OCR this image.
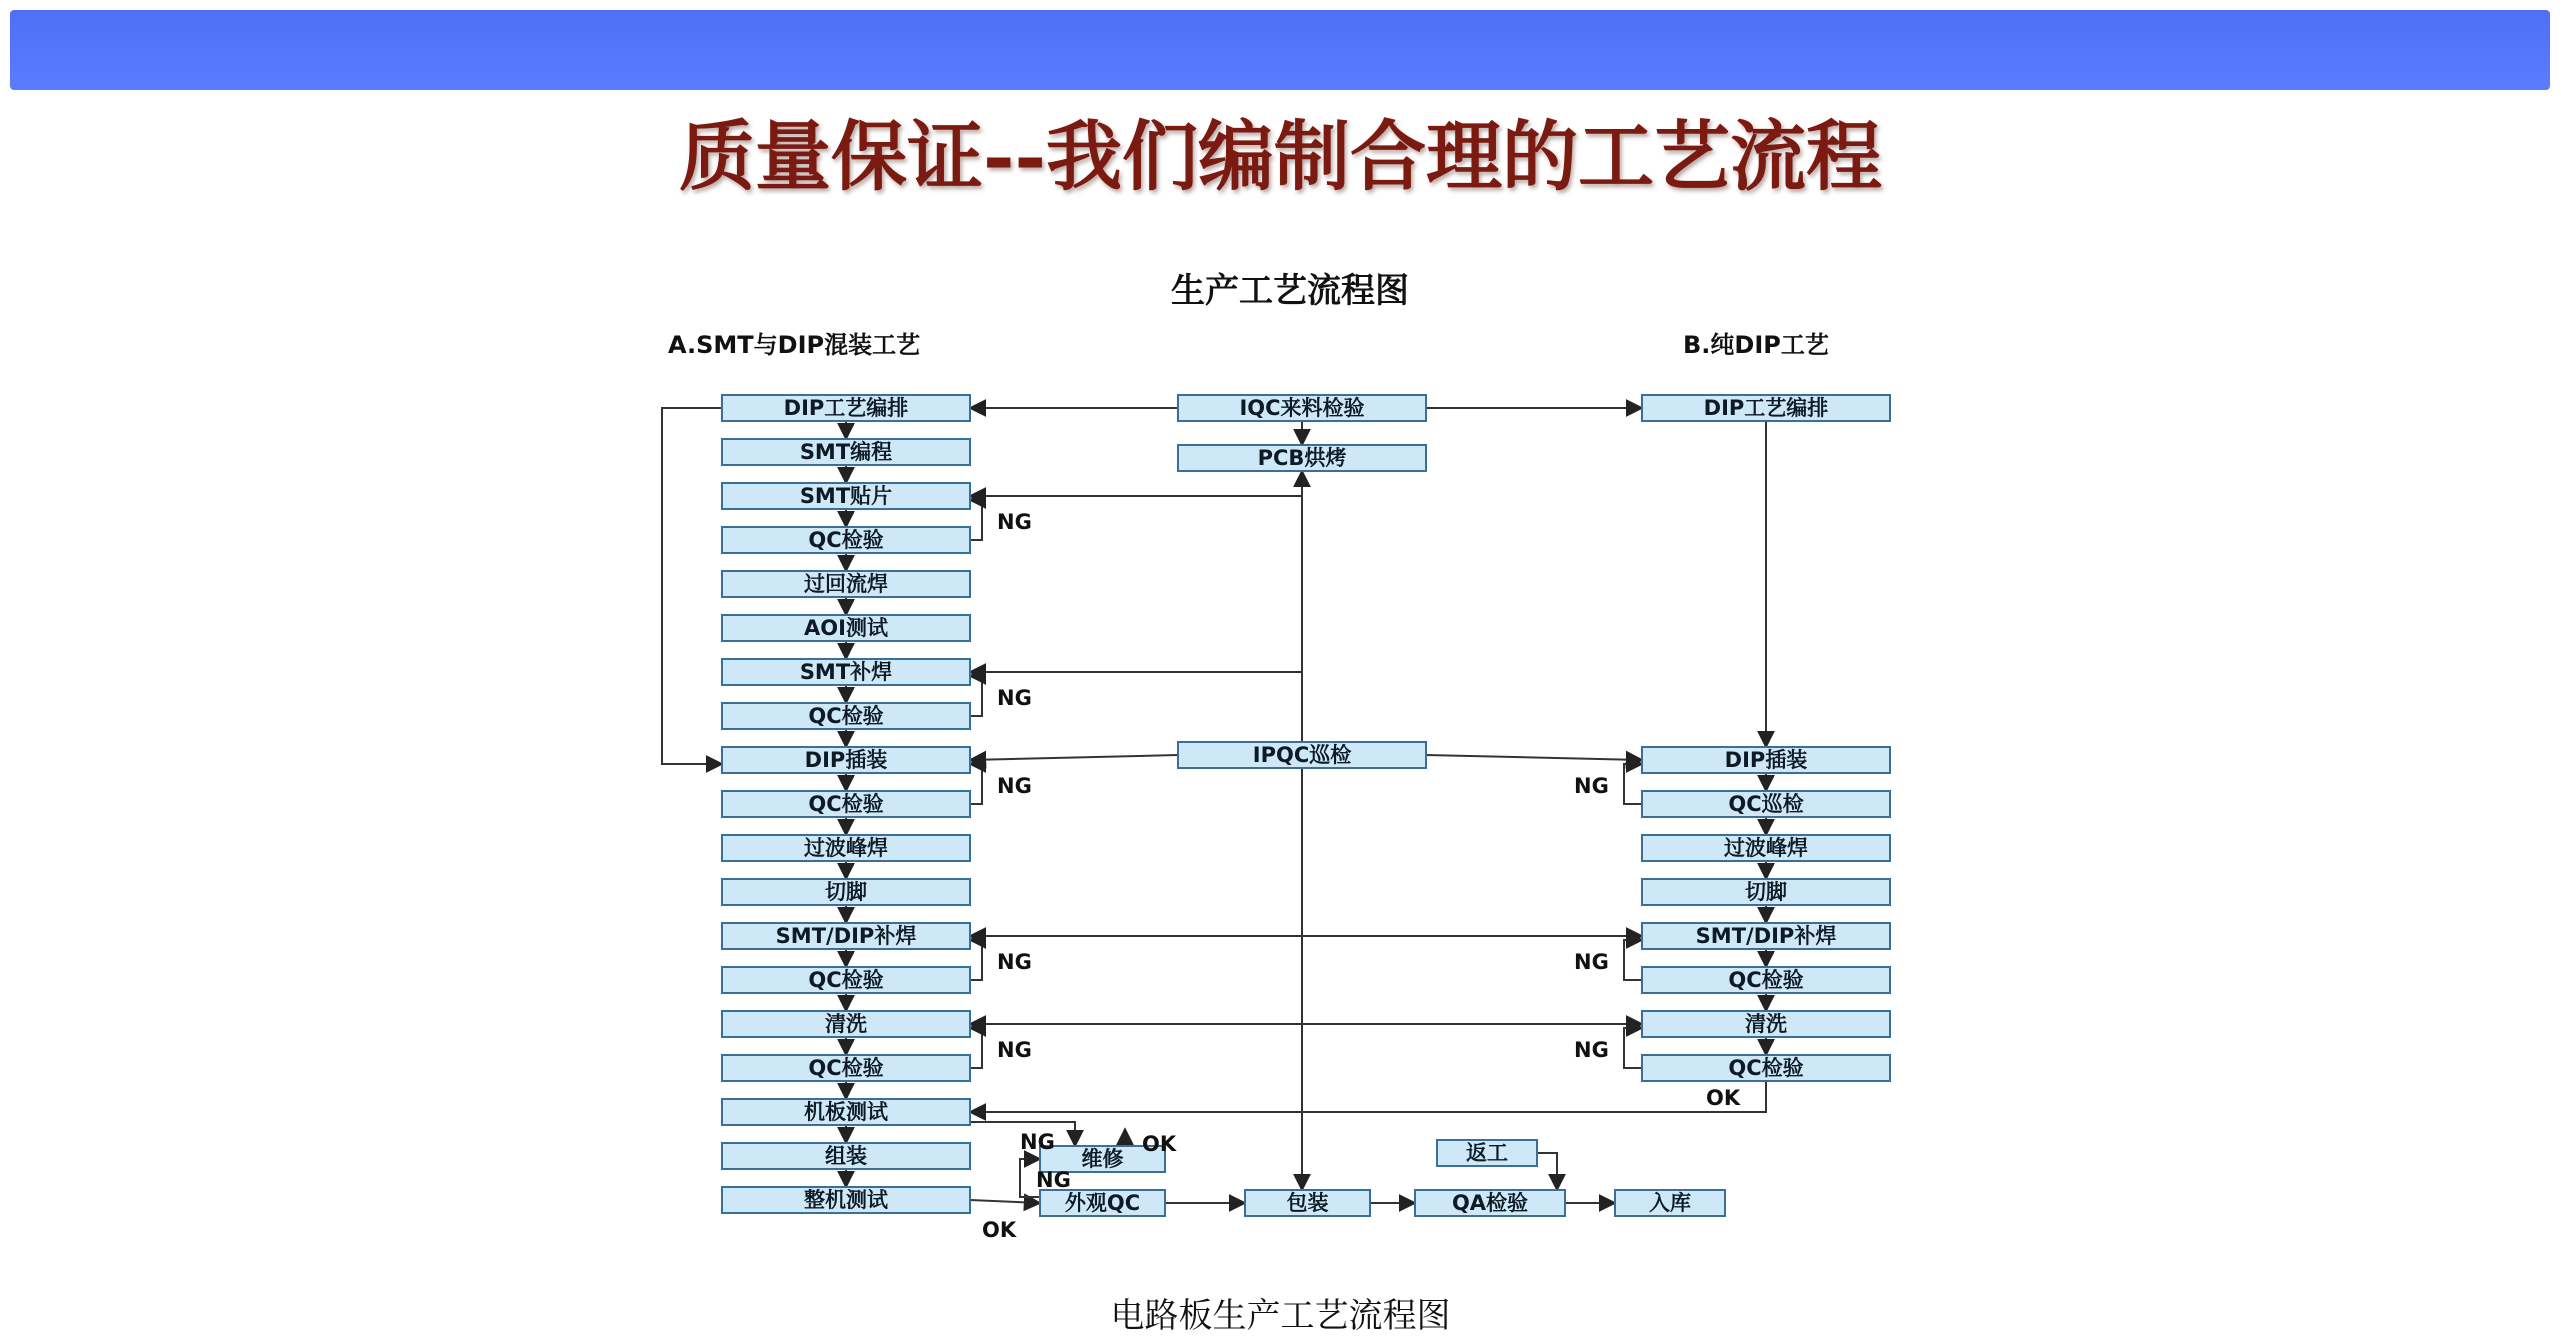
质量保证--我们编制合理的工艺流程
生产工艺流程图
A.SMT与DIP混装工艺	B.纯DIP工艺
DIP工艺编排
SMT编程
SMT贴片
QC检验
过回流焊
AOI测试
SMT补焊
QC检验
DIP插装
QC检验
过波峰焊
切脚
SMT/DIP补焊
QC检验
清洗
QC检验
机板测试
组装
整机测试
DIP工艺编排
DIP插装
QC巡检
过波峰焊
切脚
SMT/DIP补焊
QC检验
清洗
QC检验
IQC来料检验
PCB烘烤
IPQC巡检
维修
外观QC	包装	QA检验
返工
入库
NG
NG
NG
NG
NG
NG
NG
NG
OK
NG	OK
OK
NG
电路板生产工艺流程图
